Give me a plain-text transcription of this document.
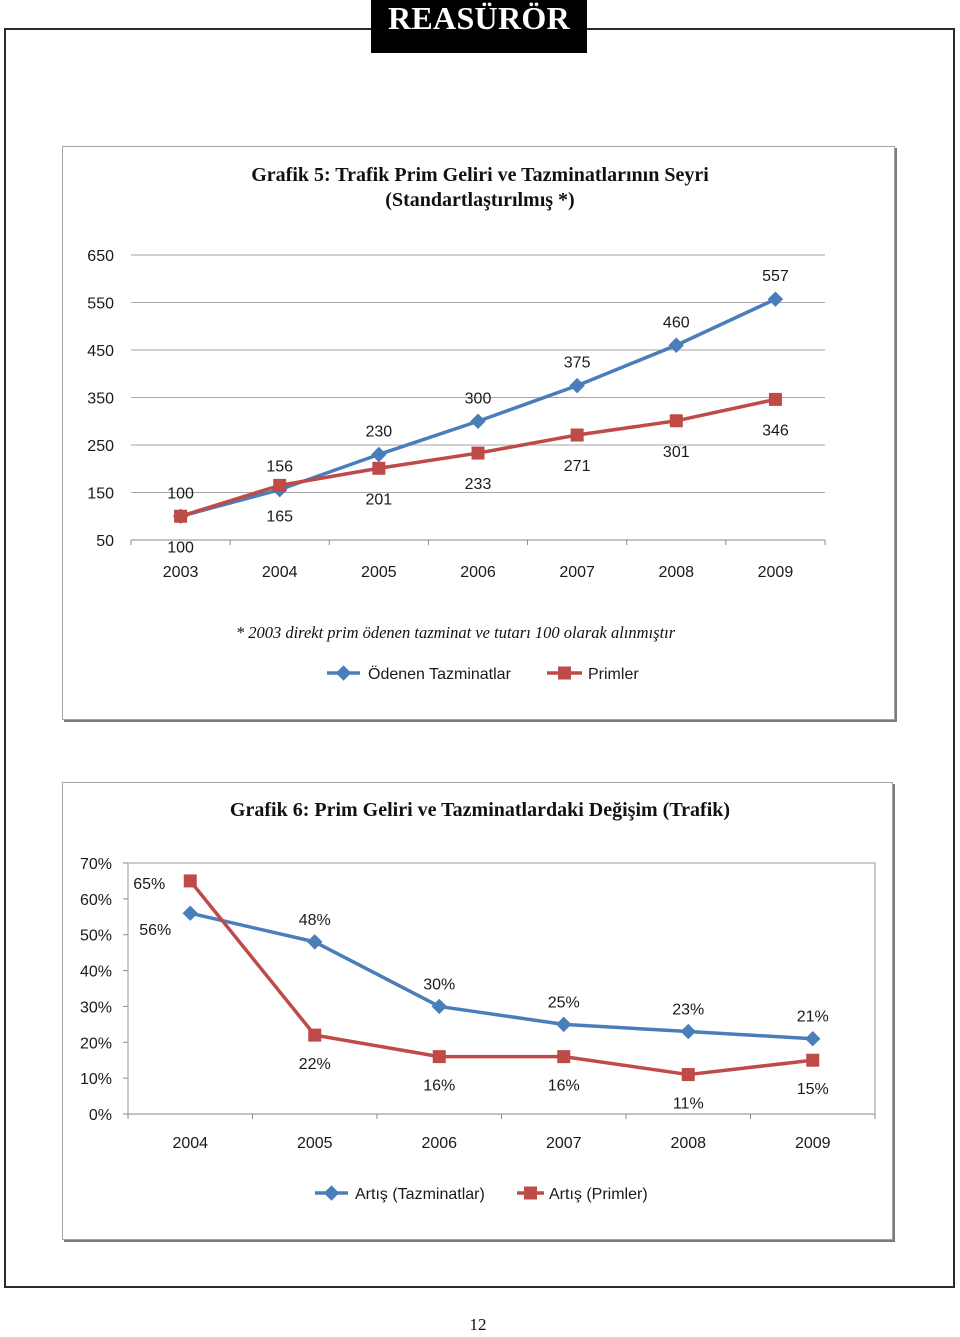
REASÜRÖR
Grafik 5: Trafik Prim Geliri ve Tazminatlarının Seyri
(Standartlaştırılmış *)
* 2003 direkt prim ödenen tazminat ve tutarı 100 olarak alınmıştır
650
550
450
350
250
150
50
2003	2004	2005	2006	2007	2008	2009
100
156
230
300
375
460
557
100
165
201
233
271
301
346
Ödenen Tazminatlar	Primler
Grafik 6: Prim Geliri ve Tazminatlardaki Değişim (Trafik)
70%
60%
50%
40%
30%
20%
10%
0%
2004	2005	2006	2007	2008	2009
56%
48%
30%
25%	23%	21%
65%
22%
16%	16%
11%
15%
Artış (Tazminatlar)	Artış (Primler)
12
